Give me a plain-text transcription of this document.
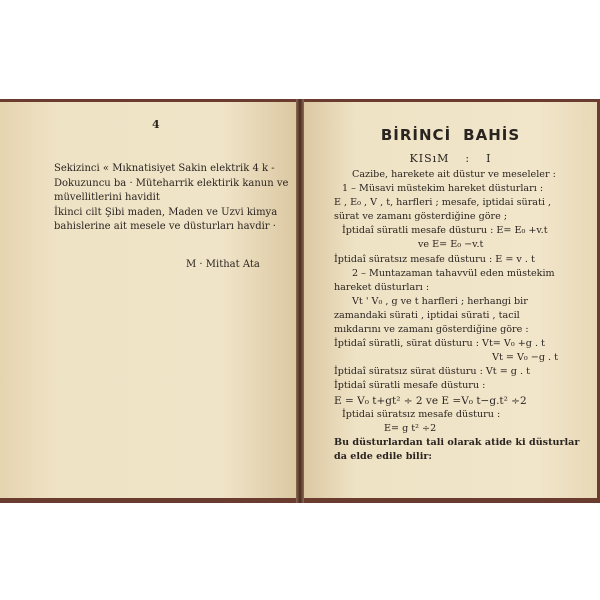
4
Sekizinci « Mıknatisiyet Sakin elektrik 4 k -
Dokuzuncu ba · Müteharrik elektirik kanun ve
müvellitlerini havidit
İkinci cilt Şibi maden, Maden ve Uzvi kimya
bahislerine ait mesele ve düsturları havdir ·
M · Mithat Ata
BİRİNCİ BAHİS
KISıM : I
Cazibe, harekete ait düstur ve meseleler :
1 – Müsavi müstekim hareket düsturları :
E , E₀ , V , t, harfleri ; mesafe, iptidai sürati ,
sürat ve zamanı gösterdiğine göre ;
İptidaî süratli mesafe düsturu : E= E₀ +v.t
ve E= E₀ −v.t
İptidaî süratsız mesafe düsturu : E = v . t
2 – Muntazaman tahavvül eden müstekim
hareket düsturları :
Vt ' V₀ , g ve t harfleri ; herhangi bir
zamandaki sürati , iptidai sürati , tacil
mıkdarını ve zamanı gösterdiğine göre :
İptidaî süratli, sürat düsturu : Vt= V₀ +g . t
Vt = V₀ −g . t
İptidaî süratsız sürat düsturu : Vt = g . t
İptidaî süratli mesafe düsturu :
E = V₀ t+gt² ÷ 2 ve E =V₀ t−g.t² ÷2
İptidai süratsız mesafe düsturu :
E= g t² ÷2
Bu düsturlardan tali olarak atide ki düsturlar
da elde edile bilir:
